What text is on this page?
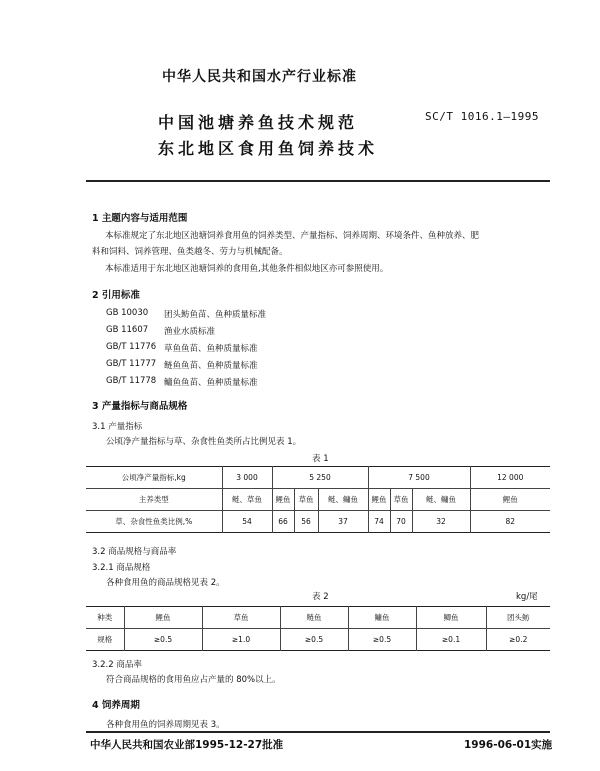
中华人民共和国水产行业标准
中国池塘养鱼技术规范
东北地区食用鱼饲养技术
SC/T 1016.1—1995
1 主题内容与适用范围
本标准规定了东北地区池塘饲养食用鱼的饲养类型、产量指标、饲养周期、环境条件、鱼种放养、肥
料和饲料、饲养管理、鱼类越冬、劳力与机械配备。
本标准适用于东北地区池塘饲养的食用鱼,其他条件相似地区亦可参照使用。
2 引用标准
GB 10030 团头鲂鱼苗、鱼种质量标准
GB 11607 渔业水质标准
GB/T 11776 草鱼鱼苗、鱼种质量标准
GB/T 11777 鲢鱼鱼苗、鱼种质量标准
GB/T 11778 鳙鱼鱼苗、鱼种质量标准
3 产量指标与商品规格
3.1 产量指标
公顷净产量指标与草、杂食性鱼类所占比例见表 1。
表 1
公顷净产量指标,kg	3 000	5 250			7 500			12 000
主养类型	鲢、草鱼	鲤鱼	草鱼	鲢、鳙鱼	鲤鱼	草鱼	鲢、鳙鱼	鲤鱼
草、杂食性鱼类比例,%	54	66	56	37	74	70	32	82
3.2 商品规格与商品率
3.2.1 商品规格
各种食用鱼的商品规格见表 2。
表 2	kg/尾
种类	鲤鱼	草鱼	鲢鱼	鳙鱼	鲫鱼	团头鲂
规格	≥0.5	≥1.0	≥0.5	≥0.5	≥0.1	≥0.2
3.2.2 商品率
符合商品规格的食用鱼应占产量的 80%以上。
4 饲养周期
各种食用鱼的饲养周期见表 3。
中华人民共和国农业部1995-12-27批准	1996-06-01实施
